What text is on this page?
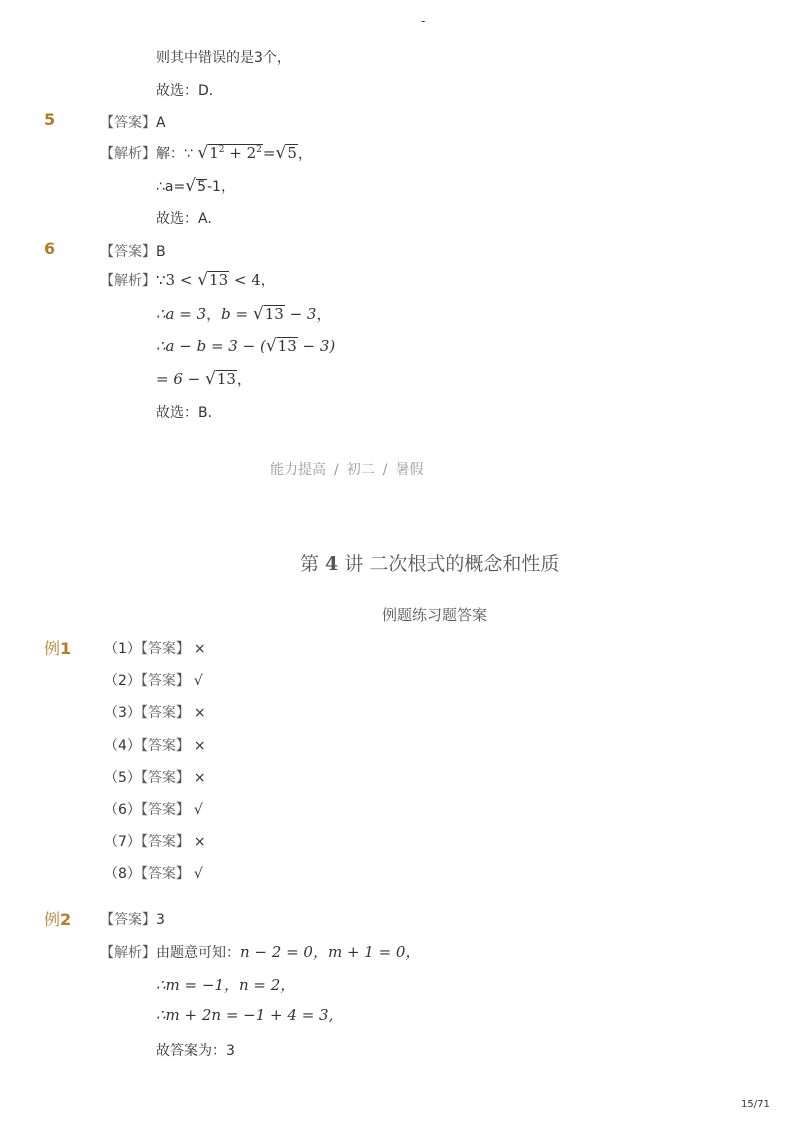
-
则其中错误的是3个，
故选：D．
5	【答案】A
【解析】解：∵ $√1^2 + 2^2=√5$，
∴a=√5-1，
故选：A.
6	【答案】B
【解析】∵3 < √13 < 4，
∴a = 3，b = √13 − 3，
∴a − b = 3 − (√13 − 3)
= 6 − √13，
故选：B．
能力提高 / 初二 / 暑假
第 4 讲 二次根式的概念和性质
例题练习题答案
例1 （1）【答案】 ×
（2）【答案】 √
（3）【答案】 ×
（4）【答案】 ×
（5）【答案】 ×
（6）【答案】 √
（7）【答案】 ×
（8）【答案】 √
例2 【答案】3
【解析】由题意可知：n − 2 = 0，m + 1 = 0，
∴m = −1，n = 2，
∴m + 2n = −1 + 4 = 3,
故答案为：3
15/71
